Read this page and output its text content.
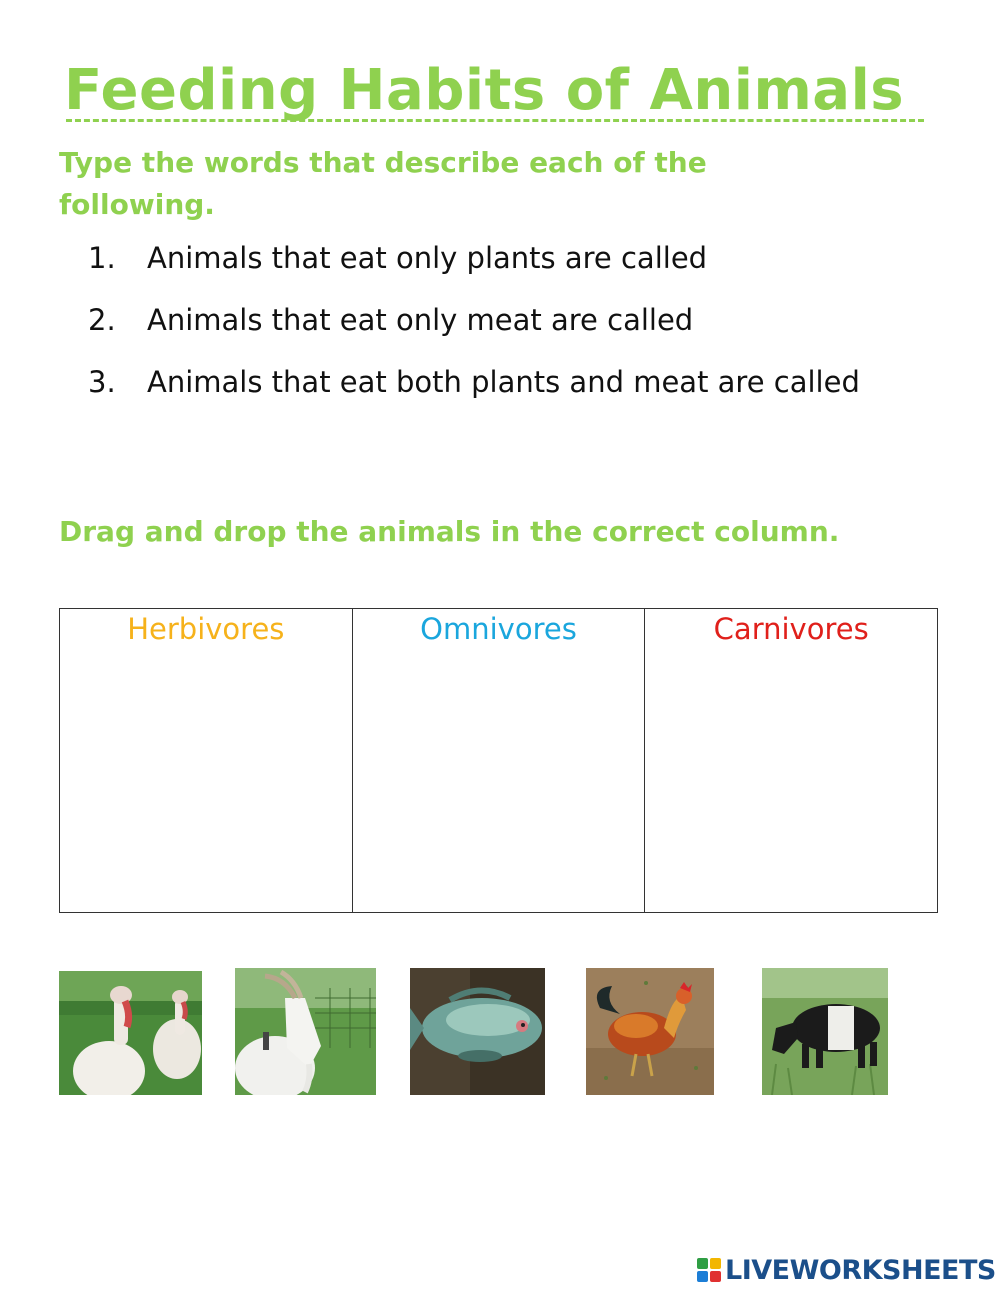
Feeding Habits of Animals
Type the words that describe each of the following.
1.	Animals that eat only plants are called
2.	Animals that eat only meat are called
3.	Animals that eat both plants and meat are called
Drag and drop the animals in the correct column.
Herbivores	Omnivores	Carnivores
LIVEWORKSHEETS
